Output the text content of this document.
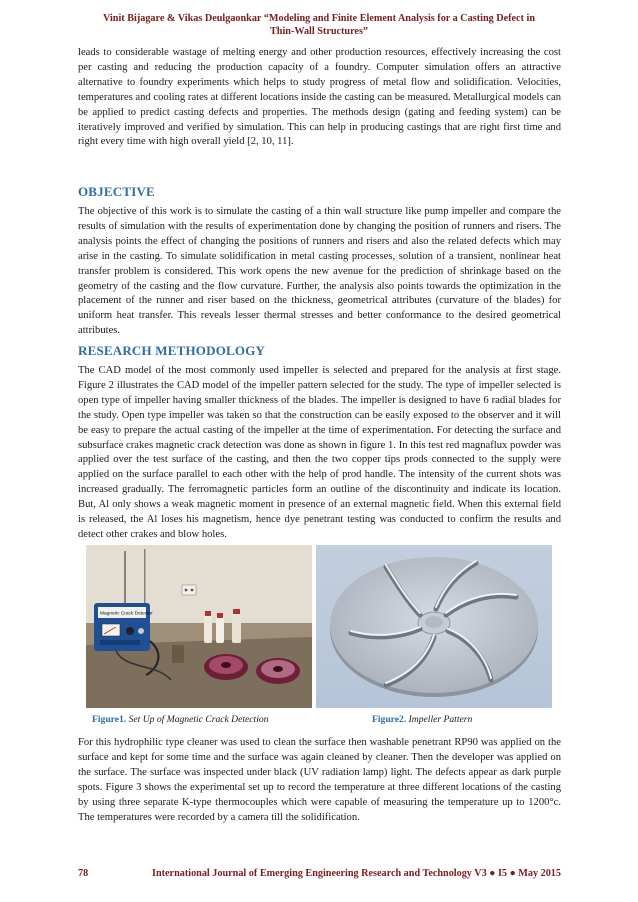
Vinit Bijagare & Vikas Deulgaonkar “Modeling and Finite Element Analysis for a Casting Defect in
Thin-Wall Structures”

leads to considerable wastage of melting energy and other production resources, effectively increasing the cost per casting and reducing the production capacity of a foundry. Computer simulation offers an attractive alternative to foundry experiments which helps to study progress of metal flow and solidification. Velocities, temperatures and cooling rates at different locations inside the casting can be measured. Metallurgical models can be applied to predict casting defects and properties. The methods design (gating and feeding system) can be iteratively improved and verified by simulation. This can help in producing castings that are right first time and right every time with high overall yield [2, 10, 11].

OBJECTIVE

The objective of this work is to simulate the casting of a thin wall structure like pump impeller and compare the results of simulation with the results of experimentation done by changing the position of runners and risers. The analysis points the effect of changing the positions of runners and risers and also the related defects which may arise in the casting. To simulate solidification in metal casting processes, solution of a transient, nonlinear heat transfer problem is considered. This work opens the new avenue for the prediction of shrinkage based on the geometry of the casting and the flow curvature. Further, the analysis also points towards the optimization in the placement of the runner and riser based on the thickness, geometrical attributes (curvature of the blades) for uniform heat transfer. This reveals lesser thermal stresses and better conformance to the desired geometrical attributes.

RESEARCH METHODOLOGY

The CAD model of the most commonly used impeller is selected and prepared for the analysis at first stage. Figure 2 illustrates the CAD model of the impeller pattern selected for the study. The type of impeller selected is open type of impeller having smaller thickness of the blades. The impeller is designed to have 6 radial blades for the study. Open type impeller was taken so that the construction can be easily exposed to the observer and it will be easy to prepare the actual casting of the impeller at the time of experimentation. For detecting the surface and subsurface crakes magnetic crack detection was done as shown in figure 1. In this test red magnaflux powder was applied over the test surface of the casting, and then the two copper tips prods connected to the supply were applied on the surface parallel to each other with the help of prod handle. The intensity of the current shots was increased gradually. The ferromagnetic particles form an outline of the discontinuity and indicate its location. But, Al only shows a weak magnetic moment in presence of an external magnetic field. When this external field is released, the Al loses his magnetism, hence dye penetrant testing was conducted to confirm the results and detect other crakes and blow holes.

Magnetic Crack Detector
Figure1. Set Up of Magnetic Crack Detection	Figure2. Impeller Pattern

For this hydrophilic type cleaner was used to clean the surface then washable penetrant RP90 was applied on the surface and kept for some time and the surface was again cleaned by cleaner. Then the developer was applied on the surface. The surface was inspected under black (UV radiation lamp) light. The defects appear as dark purple spots. Figure 3 shows the experimental set up to record the temperature at three different locations of the casting by using three separate K-type thermocouples which were capable of measuring the temperature up to 1200°c. The temperatures were recorded by a camera till the solidification.

78	International Journal of Emerging Engineering Research and Technology V3 ● I5 ● May 2015
